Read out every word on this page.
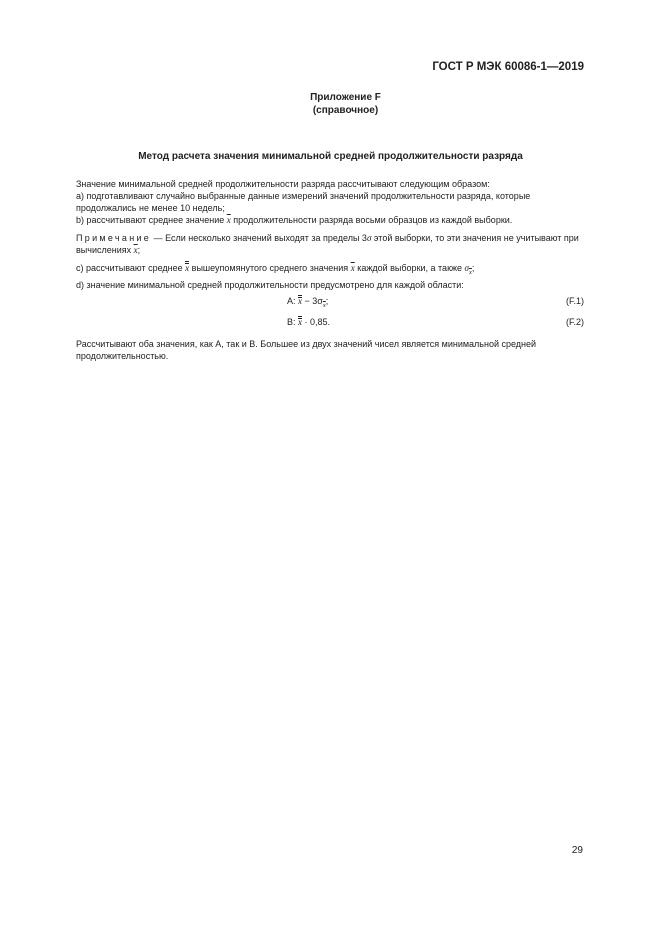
ГОСТ Р МЭК 60086-1—2019
Приложение F
(справочное)
Метод расчета значения минимальной средней продолжительности разряда

Значение минимальной средней продолжительности разряда рассчитывают следующим образом:

а) подготавливают случайно выбранные данные измерений значений продолжительности разряда, которые продолжались не менее 10 недель;

b) рассчитывают среднее значение $\overline{x}$ продолжительности разряда восьми образцов из каждой выборки.

Примечание — Если несколько значений выходят за пределы 3σ этой выборки, то эти значения не учитывают при вычислениях $\overline{x}$;

с) рассчитывают среднее x вышеупомянутого среднего значения $\overline{x}$ каждой выборки, а также $\sigma_{\overline{x}}$;

d) значение минимальной средней продолжительности предусмотрено для каждой области:

А: $x - 3\sigma_{\overline{x}}$;	(F.1)
В: x · 0,85.	(F.2)

Рассчитывают оба значения, как А, так и В. Большее из двух значений чисел является минимальной средней продолжительностью.

29
